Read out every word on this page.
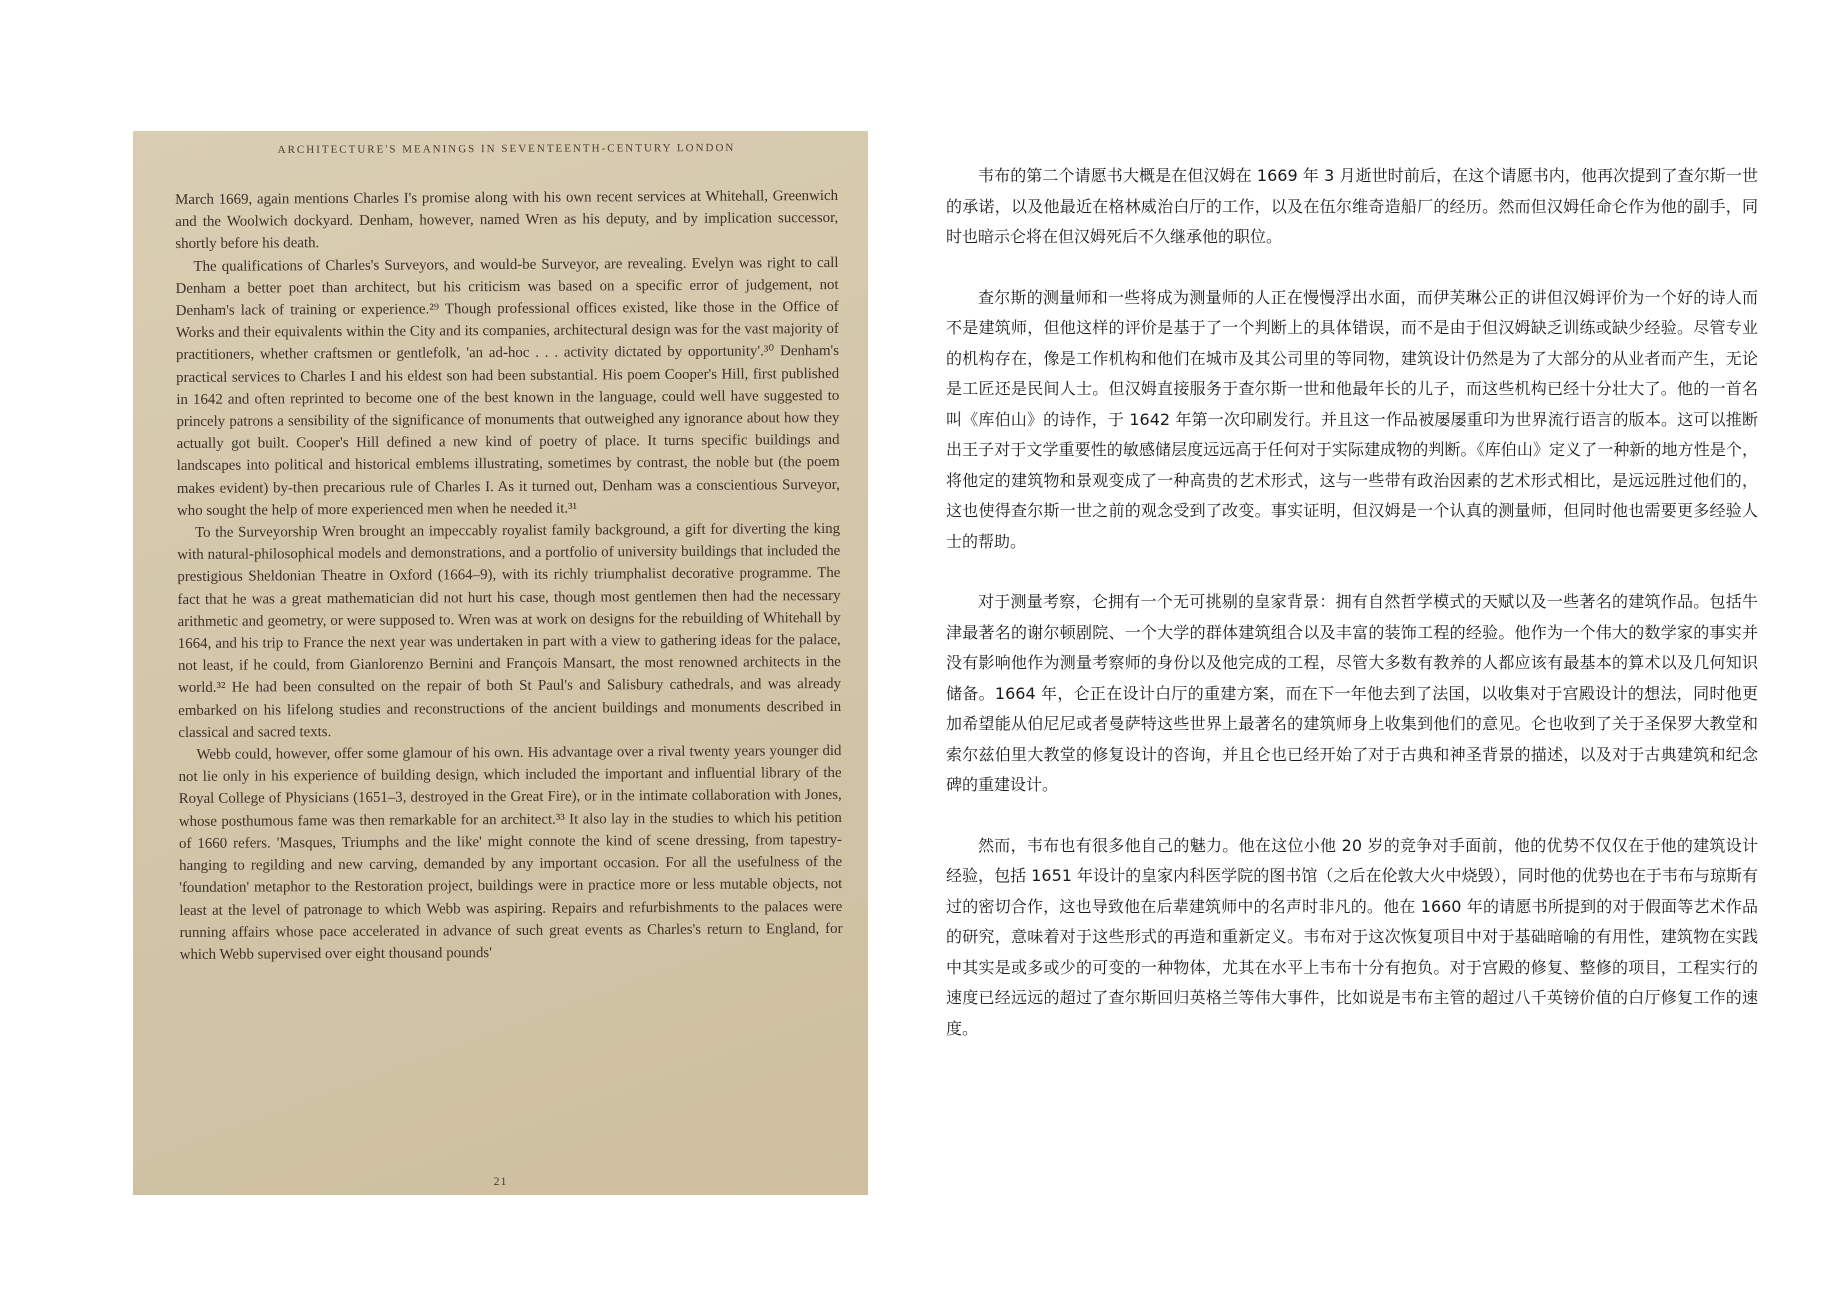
ARCHITECTURE'S MEANINGS IN SEVENTEENTH-CENTURY LONDON

March 1669, again mentions Charles I's promise along with his own recent services at Whitehall, Greenwich and the Woolwich dockyard. Denham, however, named Wren as his deputy, and by implication successor, shortly before his death.

The qualifications of Charles's Surveyors, and would-be Surveyor, are revealing. Evelyn was right to call Denham a better poet than architect, but his criticism was based on a specific error of judgement, not Denham's lack of training or experience.²⁹ Though professional offices existed, like those in the Office of Works and their equivalents within the City and its companies, architectural design was for the vast majority of practitioners, whether craftsmen or gentlefolk, 'an ad-hoc . . . activity dictated by opportunity'.³⁰ Denham's practical services to Charles I and his eldest son had been substantial. His poem Cooper's Hill, first published in 1642 and often reprinted to become one of the best known in the language, could well have suggested to princely patrons a sensibility of the significance of monuments that outweighed any ignorance about how they actually got built. Cooper's Hill defined a new kind of poetry of place. It turns specific buildings and landscapes into political and historical emblems illustrating, sometimes by contrast, the noble but (the poem makes evident) by-then precarious rule of Charles I. As it turned out, Denham was a conscientious Surveyor, who sought the help of more experienced men when he needed it.³¹

To the Surveyorship Wren brought an impeccably royalist family background, a gift for diverting the king with natural-philosophical models and demonstrations, and a portfolio of university buildings that included the prestigious Sheldonian Theatre in Oxford (1664–9), with its richly triumphalist decorative programme. The fact that he was a great mathematician did not hurt his case, though most gentlemen then had the necessary arithmetic and geometry, or were supposed to. Wren was at work on designs for the rebuilding of Whitehall by 1664, and his trip to France the next year was undertaken in part with a view to gathering ideas for the palace, not least, if he could, from Gianlorenzo Bernini and François Mansart, the most renowned architects in the world.³² He had been consulted on the repair of both St Paul's and Salisbury cathedrals, and was already embarked on his lifelong studies and reconstructions of the ancient buildings and monuments described in classical and sacred texts.

Webb could, however, offer some glamour of his own. His advantage over a rival twenty years younger did not lie only in his experience of building design, which included the important and influential library of the Royal College of Physicians (1651–3, destroyed in the Great Fire), or in the intimate collaboration with Jones, whose posthumous fame was then remarkable for an architect.³³ It also lay in the studies to which his petition of 1660 refers. 'Masques, Triumphs and the like' might connote the kind of scene dressing, from tapestry-hanging to regilding and new carving, demanded by any important occasion. For all the usefulness of the 'foundation' metaphor to the Restoration project, buildings were in practice more or less mutable objects, not least at the level of patronage to which Webb was aspiring. Repairs and refurbishments to the palaces were running affairs whose pace accelerated in advance of such great events as Charles's return to England, for which Webb supervised over eight thousand pounds'

21

韦布的第二个请愿书大概是在但汉姆在 1669 年 3 月逝世时前后，在这个请愿书内，他再次提到了查尔斯一世的承诺，以及他最近在格林威治白厅的工作，以及在伍尔维奇造船厂的经历。然而但汉姆任命仑作为他的副手，同时也暗示仑将在但汉姆死后不久继承他的职位。

查尔斯的测量师和一些将成为测量师的人正在慢慢浮出水面，而伊芙琳公正的讲但汉姆评价为一个好的诗人而不是建筑师，但他这样的评价是基于了一个判断上的具体错误，而不是由于但汉姆缺乏训练或缺少经验。尽管专业的机构存在，像是工作机构和他们在城市及其公司里的等同物，建筑设计仍然是为了大部分的从业者而产生，无论是工匠还是民间人士。但汉姆直接服务于查尔斯一世和他最年长的儿子，而这些机构已经十分壮大了。他的一首名叫《库伯山》的诗作，于 1642 年第一次印刷发行。并且这一作品被屡屡重印为世界流行语言的版本。这可以推断出王子对于文学重要性的敏感储层度远远高于任何对于实际建成物的判断。《库伯山》定义了一种新的地方性是个，将他定的建筑物和景观变成了一种高贵的艺术形式，这与一些带有政治因素的艺术形式相比，是远远胜过他们的，这也使得查尔斯一世之前的观念受到了改变。事实证明，但汉姆是一个认真的测量师，但同时他也需要更多经验人士的帮助。

对于测量考察，仑拥有一个无可挑剔的皇家背景：拥有自然哲学模式的天赋以及一些著名的建筑作品。包括牛津最著名的谢尔顿剧院、一个大学的群体建筑组合以及丰富的装饰工程的经验。他作为一个伟大的数学家的事实并没有影响他作为测量考察师的身份以及他完成的工程，尽管大多数有教养的人都应该有最基本的算术以及几何知识储备。1664 年，仑正在设计白厅的重建方案，而在下一年他去到了法国，以收集对于宫殿设计的想法，同时他更加希望能从伯尼尼或者曼萨特这些世界上最著名的建筑师身上收集到他们的意见。仑也收到了关于圣保罗大教堂和索尔兹伯里大教堂的修复设计的咨询，并且仑也已经开始了对于古典和神圣背景的描述，以及对于古典建筑和纪念碑的重建设计。

然而，韦布也有很多他自己的魅力。他在这位小他 20 岁的竞争对手面前，他的优势不仅仅在于他的建筑设计经验，包括 1651 年设计的皇家内科医学院的图书馆（之后在伦敦大火中烧毁），同时他的优势也在于韦布与琼斯有过的密切合作，这也导致他在后辈建筑师中的名声时非凡的。他在 1660 年的请愿书所提到的对于假面等艺术作品的研究，意味着对于这些形式的再造和重新定义。韦布对于这次恢复项目中对于基础暗喻的有用性，建筑物在实践中其实是或多或少的可变的一种物体，尤其在水平上韦布十分有抱负。对于宫殿的修复、整修的项目，工程实行的速度已经远远的超过了查尔斯回归英格兰等伟大事件，比如说是韦布主管的超过八千英镑价值的白厅修复工作的速度。
